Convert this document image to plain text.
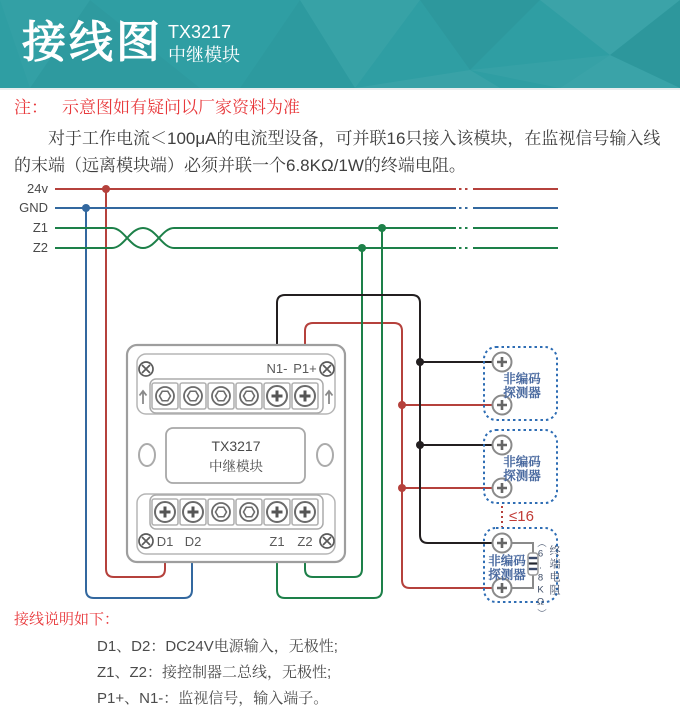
接线图 TX3217
中继模块

注： 示意图如有疑问以厂家资料为准

对于工作电流＜100μA的电流型设备，可并联16只接入该模块，在监视信号输入线的末端（远离模块端）必须并联一个6.8KΩ/1W的终端电阻。

24v
GND
Z1
Z2
N1- P1+
D1 D2	Z1 Z2
TX3217
中继模块
非编码
探测器
非编码
探测器
≤16
非编码
探测器 （6.8KΩ） 终端电阻

接线说明如下：

D1、D2：DC24V电源输入，无极性;
Z1、Z2：接控制器二总线，无极性;
P1+、N1-：监视信号，输入端子。
